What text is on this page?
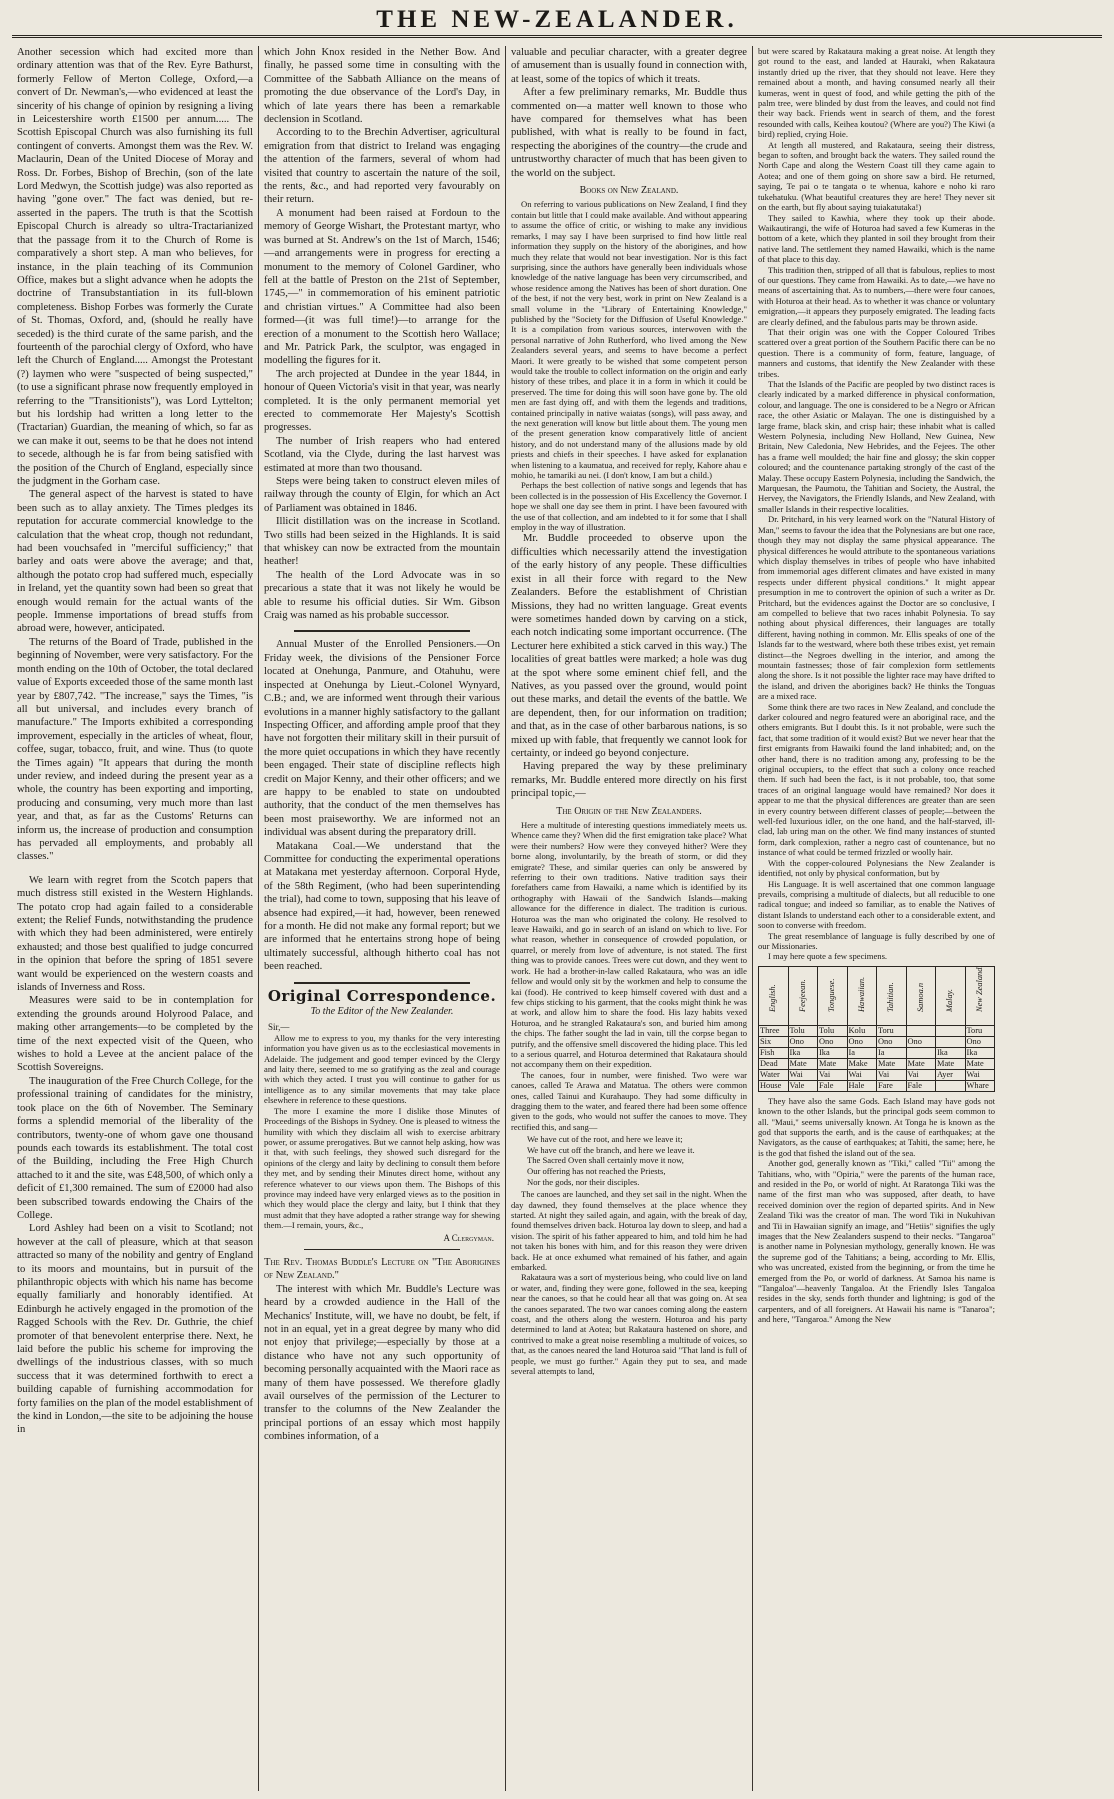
THE NEW-ZEALANDER.

Another secession which had excited more than ordinary attention was that of the Rev. Eyre Bathurst, formerly Fellow of Merton College, Oxford,—a convert of Dr. Newman's,—who evidenced at least the sincerity of his change of opinion by resigning a living in Leicestershire worth £1500 per annum..... The Scottish Episcopal Church was also furnishing its full contingent of converts. Amongst them was the Rev. W. Maclaurin, Dean of the United Diocese of Moray and Ross. Dr. Forbes, Bishop of Brechin, (son of the late Lord Medwyn, the Scottish judge) was also reported as having "gone over." The fact was denied, but re-asserted in the papers. The truth is that the Scottish Episcopal Church is already so ultra-Tractarianized that the passage from it to the Church of Rome is comparatively a short step. A man who believes, for instance, in the plain teaching of its Communion Office, makes but a slight advance when he adopts the doctrine of Transubstantiation in its full-blown completeness. Bishop Forbes was formerly the Curate of St. Thomas, Oxford, and, (should he really have seceded) is the third curate of the same parish, and the fourteenth of the parochial clergy of Oxford, who have left the Church of England..... Amongst the Protestant (?) laymen who were "suspected of being suspected," (to use a significant phrase now frequently employed in referring to the "Transitionists"), was Lord Lyttelton; but his lordship had written a long letter to the (Tractarian) Guardian, the meaning of which, so far as we can make it out, seems to be that he does not intend to secede, although he is far from being satisfied with the position of the Church of England, especially since the judgment in the Gorham case.

The general aspect of the harvest is stated to have been such as to allay anxiety. The Times pledges its reputation for accurate commercial knowledge to the calculation that the wheat crop, though not redundant, had been vouchsafed in "merciful sufficiency;" that barley and oats were above the average; and that, although the potato crop had suffered much, especially in Ireland, yet the quantity sown had been so great that enough would remain for the actual wants of the people. Immense importations of bread stuffs from abroad were, however, anticipated.

The returns of the Board of Trade, published in the beginning of November, were very satisfactory. For the month ending on the 10th of October, the total declared value of Exports exceeded those of the same month last year by £807,742. "The increase," says the Times, "is all but universal, and includes every branch of manufacture." The Imports exhibited a corresponding improvement, especially in the articles of wheat, flour, coffee, sugar, tobacco, fruit, and wine. Thus (to quote the Times again) "It appears that during the month under review, and indeed during the present year as a whole, the country has been exporting and importing, producing and consuming, very much more than last year, and that, as far as the Customs' Returns can inform us, the increase of production and consumption has pervaded all employments, and probably all classes."

We learn with regret from the Scotch papers that much distress still existed in the Western Highlands. The potato crop had again failed to a considerable extent; the Relief Funds, notwithstanding the prudence with which they had been administered, were entirely exhausted; and those best qualified to judge concurred in the opinion that before the spring of 1851 severe want would be experienced on the western coasts and islands of Inverness and Ross.

Measures were said to be in contemplation for extending the grounds around Holyrood Palace, and making other arrangements—to be completed by the time of the next expected visit of the Queen, who wishes to hold a Levee at the ancient palace of the Scottish Sovereigns.

The inauguration of the Free Church College, for the professional training of candidates for the ministry, took place on the 6th of November. The Seminary forms a splendid memorial of the liberality of the contributors, twenty-one of whom gave one thousand pounds each towards its establishment. The total cost of the Building, including the Free High Church attached to it and the site, was £48,500, of which only a deficit of £1,300 remained. The sum of £2000 had also been subscribed towards endowing the Chairs of the College.

Lord Ashley had been on a visit to Scotland; not however at the call of pleasure, which at that season attracted so many of the nobility and gentry of England to its moors and mountains, but in pursuit of the philanthropic objects with which his name has become equally familiarly and honorably identified. At Edinburgh he actively engaged in the promotion of the Ragged Schools with the Rev. Dr. Guthrie, the chief promoter of that benevolent enterprise there. Next, he laid before the public his scheme for improving the dwellings of the industrious classes, with so much success that it was determined forthwith to erect a building capable of furnishing accommodation for forty families on the plan of the model establishment of the kind in London,—the site to be adjoining the house in

which John Knox resided in the Nether Bow. And finally, he passed some time in consulting with the Committee of the Sabbath Alliance on the means of promoting the due observance of the Lord's Day, in which of late years there has been a remarkable declension in Scotland.

According to to the Brechin Advertiser, agricultural emigration from that district to Ireland was engaging the attention of the farmers, several of whom had visited that country to ascertain the nature of the soil, the rents, &c., and had reported very favourably on their return.

A monument had been raised at Fordoun to the memory of George Wishart, the Protestant martyr, who was burned at St. Andrew's on the 1st of March, 1546;—and arrangements were in progress for erecting a monument to the memory of Colonel Gardiner, who fell at the battle of Preston on the 21st of September, 1745,—" in commemoration of his eminent patriotic and christian virtues." A Committee had also been formed—(it was full time!)—to arrange for the erection of a monument to the Scottish hero Wallace; and Mr. Patrick Park, the sculptor, was engaged in modelling the figures for it.

The arch projected at Dundee in the year 1844, in honour of Queen Victoria's visit in that year, was nearly completed. It is the only permanent memorial yet erected to commemorate Her Majesty's Scottish progresses.

The number of Irish reapers who had entered Scotland, via the Clyde, during the last harvest was estimated at more than two thousand.

Steps were being taken to construct eleven miles of railway through the county of Elgin, for which an Act of Parliament was obtained in 1846.

Illicit distillation was on the increase in Scotland. Two stills had been seized in the Highlands. It is said that whiskey can now be extracted from the mountain heather!

The health of the Lord Advocate was in so precarious a state that it was not likely he would be able to resume his official duties. Sir Wm. Gibson Craig was named as his probable successor.

Annual Muster of the Enrolled Pensioners.—On Friday week, the divisions of the Pensioner Force located at Onehunga, Panmure, and Otahuhu, were inspected at Onehunga by Lieut.-Colonel Wynyard, C.B.; and, we are informed went through their various evolutions in a manner highly satisfactory to the gallant Inspecting Officer, and affording ample proof that they have not forgotten their military skill in their pursuit of the more quiet occupations in which they have recently been engaged. Their state of discipline reflects high credit on Major Kenny, and their other officers; and we are happy to be enabled to state on undoubted authority, that the conduct of the men themselves has been most praiseworthy. We are informed not an individual was absent during the preparatory drill.

Matakana Coal.—We understand that the Committee for conducting the experimental operations at Matakana met yesterday afternoon. Corporal Hyde, of the 58th Regiment, (who had been superintending the trial), had come to town, supposing that his leave of absence had expired,—it had, however, been renewed for a month. He did not make any formal report; but we are informed that he entertains strong hope of being ultimately successful, although hitherto coal has not been reached.

Original Correspondence.
To the Editor of the New Zealander.
Sir,—

Allow me to express to you, my thanks for the very interesting information you have given us as to the ecclesiastical movements in Adelaide. The judgement and good temper evinced by the Clergy and laity there, seemed to me so gratifying as the zeal and courage with which they acted. I trust you will continue to gather for us intelligence as to any similar movements that may take place elsewhere in reference to these questions.

The more I examine the more I dislike those Minutes of Proceedings of the Bishops in Sydney. One is pleased to witness the humility with which they disclaim all wish to exercise arbitrary power, or assume prerogatives. But we cannot help asking, how was it that, with such feelings, they showed such disregard for the opinions of the clergy and laity by declining to consult them before they met, and by sending their Minutes direct home, without any reference whatever to our views upon them. The Bishops of this province may indeed have very enlarged views as to the position in which they would place the clergy and laity, but I think that they must admit that they have adopted a rather strange way for shewing them.—I remain, yours, &c.,

A Clergyman.

The Rev. Thomas Buddle's Lecture on "The Aborigines of New Zealand."

The interest with which Mr. Buddle's Lecture was heard by a crowded audience in the Hall of the Mechanics' Institute, will, we have no doubt, be felt, if not in an equal, yet in a great degree by many who did not enjoy that privilege;—especially by those at a distance who have not any such opportunity of becoming personally acquainted with the Maori race as many of them have possessed. We therefore gladly avail ourselves of the permission of the Lecturer to transfer to the columns of the New Zealander the principal portions of an essay which most happily combines information, of a

valuable and peculiar character, with a greater degree of amusement than is usually found in connection with, at least, some of the topics of which it treats.

After a few preliminary remarks, Mr. Buddle thus commented on—a matter well known to those who have compared for themselves what has been published, with what is really to be found in fact, respecting the aborigines of the country—the crude and untrustworthy character of much that has been given to the world on the subject.

Books on New Zealand.

On referring to various publications on New Zealand, I find they contain but little that I could make available. And without appearing to assume the office of critic, or wishing to make any invidious remarks, I may say I have been surprised to find how little real information they supply on the history of the aborigines, and how much they relate that would not bear investigation. Nor is this fact surprising, since the authors have generally been individuals whose knowledge of the native language has been very circumscribed, and whose residence among the Natives has been of short duration. One of the best, if not the very best, work in print on New Zealand is a small volume in the "Library of Entertaining Knowledge," published by the "Society for the Diffusion of Useful Knowledge." It is a compilation from various sources, interwoven with the personal narrative of John Rutherford, who lived among the New Zealanders several years, and seems to have become a perfect Maori. It were greatly to be wished that some competent person would take the trouble to collect information on the origin and early history of these tribes, and place it in a form in which it could be preserved. The time for doing this will soon have gone by. The old men are fast dying off, and with them the legends and traditions, contained principally in native waiatas (songs), will pass away, and the next generation will know but little about them. The young men of the present generation know comparatively little of ancient history, and do not understand many of the allusions made by old priests and chiefs in their speeches. I have asked for explanation when listening to a kaumatua, and received for reply, Kahore ahau e mohio, he tamariki au nei. (I don't know, I am but a child.)

Perhaps the best collection of native songs and legends that has been collected is in the possession of His Excellency the Governor. I hope we shall one day see them in print. I have been favoured with the use of that collection, and am indebted to it for some that I shall employ in the way of illustration.

Mr. Buddle proceeded to observe upon the difficulties which necessarily attend the investigation of the early history of any people. These difficulties exist in all their force with regard to the New Zealanders. Before the establishment of Christian Missions, they had no written language. Great events were sometimes handed down by carving on a stick, each notch indicating some important occurrence. (The Lecturer here exhibited a stick carved in this way.) The localities of great battles were marked; a hole was dug at the spot where some eminent chief fell, and the Natives, as you passed over the ground, would point out these marks, and detail the events of the battle. We are dependent, then, for our information on tradition; and that, as in the case of other barbarous nations, is so mixed up with fable, that frequently we cannot look for certainty, or indeed go beyond conjecture.

Having prepared the way by these preliminary remarks, Mr. Buddle entered more directly on his first principal topic,—

The Origin of the New Zealanders.

Here a multitude of interesting questions immediately meets us. Whence came they? When did the first emigration take place? What were their numbers? How were they conveyed hither? Were they borne along, involuntarily, by the breath of storm, or did they emigrate? These, and similar queries can only be answered by referring to their own traditions. Native tradition says their forefathers came from Hawaiki, a name which is identified by its orthography with Hawaii of the Sandwich Islands—making allowance for the difference in dialect. The tradition is curious. Hoturoa was the man who originated the colony. He resolved to leave Hawaiki, and go in search of an island on which to live. For what reason, whether in consequence of crowded population, or quarrel, or merely from love of adventure, is not stated. The first thing was to provide canoes. Trees were cut down, and they went to work. He had a brother-in-law called Rakataura, who was an idle fellow and would only sit by the workmen and help to consume the kai (food). He contrived to keep himself covered with dust and a few chips sticking to his garment, that the cooks might think he was at work, and allow him to share the food. His lazy habits vexed Hoturoa, and he strangled Rakataura's son, and buried him among the chips. The father sought the lad in vain, till the corpse began to putrify, and the offensive smell discovered the hiding place. This led to a serious quarrel, and Hoturoa determined that Rakataura should not accompany them on their expedition.

The canoes, four in number, were finished. Two were war canoes, called Te Arawa and Matatua. The others were common ones, called Tainui and Kurahaupo. They had some difficulty in dragging them to the water, and feared there had been some offence given to the gods, who would not suffer the canoes to move. They rectified this, and sang—

We have cut of the root, and here we leave it;
We have cut off the branch, and here we leave it.
The Sacred Oven shall certainly move it now,
Our offering has not reached the Priests,
Nor the gods, nor their disciples.

The canoes are launched, and they set sail in the night. When the day dawned, they found themselves at the place whence they started. At night they sailed again, and again, with the break of day, found themselves driven back. Hoturoa lay down to sleep, and had a vision. The spirit of his father appeared to him, and told him he had not taken his bones with him, and for this reason they were driven back. He at once exhumed what remained of his father, and again embarked.

Rakataura was a sort of mysterious being, who could live on land or water, and, finding they were gone, followed in the sea, keeping near the canoes, so that he could hear all that was going on. At sea the canoes separated. The two war canoes coming along the eastern coast, and the others along the western. Hoturoa and his party determined to land at Aotea; but Rakataura hastened on shore, and contrived to make a great noise resembling a multitude of voices, so that, as the canoes neared the land Hoturoa said "That land is full of people, we must go further." Again they put to sea, and made several attempts to land,

but were scared by Rakataura making a great noise. At length they got round to the east, and landed at Hauraki, when Rakataura instantly dried up the river, that they should not leave. Here they remained about a month, and having consumed nearly all their kumeras, went in quest of food, and while getting the pith of the palm tree, were blinded by dust from the leaves, and could not find their way back. Friends went in search of them, and the forest resounded with calls, Keihea koutou? (Where are you?) The Kiwi (a bird) replied, crying Hoie.

At length all mustered, and Rakataura, seeing their distress, began to soften, and brought back the waters. They sailed round the North Cape and along the Western Coast till they came again to Aotea; and one of them going on shore saw a bird. He returned, saying, Te pai o te tangata o te whenua, kahore e noho ki raro tukehatuku. (What beautiful creatures they are here! They never sit on the earth, but fly about saying tuiakatutaka!)

They sailed to Kawhia, where they took up their abode. Waikautirangi, the wife of Hoturoa had saved a few Kumeras in the bottom of a kete, which they planted in soil they brought from their native land. The settlement they named Hawaiki, which is the name of that place to this day.

This tradition then, stripped of all that is fabulous, replies to most of our questions. They came from Hawaiki. As to date,—we have no means of ascertaining that. As to numbers,—there were four canoes, with Hoturoa at their head. As to whether it was chance or voluntary emigration,—it appears they purposely emigrated. The leading facts are clearly defined, and the fabulous parts may be thrown aside.

That their origin was one with the Copper Coloured Tribes scattered over a great portion of the Southern Pacific there can be no question. There is a community of form, feature, language, of manners and customs, that identify the New Zealander with these tribes.

That the Islands of the Pacific are peopled by two distinct races is clearly indicated by a marked difference in physical conformation, colour, and language. The one is considered to be a Negro or African race, the other Asiatic or Malayan. The one is distinguished by a large frame, black skin, and crisp hair; these inhabit what is called Western Polynesia, including New Holland, New Guinea, New Britain, New Caledonia, New Hebrides, and the Fejees. The other has a frame well moulded; the hair fine and glossy; the skin copper coloured; and the countenance partaking strongly of the cast of the Malay. These occupy Eastern Polynesia, including the Sandwich, the Marquesan, the Paumotu, the Tahitian and Society, the Austral, the Hervey, the Navigators, the Friendly Islands, and New Zealand, with smaller Islands in their respective localities.

Dr. Pritchard, in his very learned work on the "Natural History of Man," seems to favour the idea that the Polynesians are but one race, though they may not display the same physical appearance. The physical differences he would attribute to the spontaneous variations which display themselves in tribes of people who have inhabited from immemorial ages different climates and have existed in many respects under different physical conditions." It might appear presumption in me to controvert the opinion of such a writer as Dr. Pritchard, but the evidences against the Doctor are so conclusive, I am compelled to believe that two races inhabit Polynesia. To say nothing about physical differences, their languages are totally different, having nothing in common. Mr. Ellis speaks of one of the Islands far to the westward, where both these tribes exist, yet remain distinct—the Negroes dwelling in the interior, and among the mountain fastnesses; those of fair complexion form settlements along the shore. Is it not possible the lighter race may have drifted to the island, and driven the aborigines back? He thinks the Tonguas are a mixed race.

Some think there are two races in New Zealand, and conclude the darker coloured and negro featured were an aboriginal race, and the others emigrants. But I doubt this. Is it not probable, were such the fact, that some tradition of it would exist? But we never hear that the first emigrants from Hawaiki found the land inhabited; and, on the other hand, there is no tradition among any, professing to be the original occupiers, to the effect that such a colony once reached them. If such had been the fact, is it not probable, too, that some traces of an original language would have remained? Nor does it appear to me that the physical differences are greater than are seen in every country between different classes of people;—between the well-fed luxurious idler, on the one hand, and the half-starved, ill-clad, lab uring man on the other. We find many instances of stunted form, dark complexion, rather a negro cast of countenance, but no instance of what could be termed frizzled or woolly hair.

With the copper-coloured Polynesians the New Zealander is identified, not only by physical conformation, but by

His Language. It is well ascertained that one common language prevails, comprising a multitude of dialects, but all reducible to one radical tongue; and indeed so familiar, as to enable the Natives of distant Islands to understand each other to a considerable extent, and soon to converse with freedom.

The great resemblance of language is fully described by one of our Missionaries.

I may here quote a few specimens.

English.	Feejeean.	Tonguese.	Hawaiian.	Tahitian.	Samoa.n	Malay.	New Zealand.

Three	Tolu	Tolu	Kolu	Toru			Toru
Six	Ono	Ono	Ono	Ono	Ono		Ono
Fish	Ika	Ika	Ia	Ia		Ika	Ika
Dead	Mate	Mate	Make	Mate	Mate	Mate	Mate
Water	Wai	Vai	Wai	Vai	Vai	Ayer	Wai
House	Vale	Fale	Hale	Fare	Fale		Whare

They have also the same Gods. Each Island may have gods not known to the other Islands, but the principal gods seem common to all. "Maui," seems universally known. At Tonga he is known as the god that supports the earth, and is the cause of earthquakes; at the Navigators, as the cause of earthquakes; at Tahiti, the same; here, he is the god that fished the island out of the sea.

Another god, generally known as "Tiki," called "Tii" among the Tahitians, who, with "Opiria," were the parents of the human race, and resided in the Po, or world of night. At Raratonga Tiki was the name of the first man who was supposed, after death, to have received dominion over the region of departed spirits. And in New Zealand Tiki was the creator of man. The word Tiki in Nukuhivan and Tii in Hawaiian signify an image, and "Hetiis" signifies the ugly images that the New Zealanders suspend to their necks. "Tangaroa" is another name in Polynesian mythology, generally known. He was the supreme god of the Tahitians; a being, according to Mr. Ellis, who was uncreated, existed from the beginning, or from the time he emerged from the Po, or world of darkness. At Samoa his name is "Tangaloa"—heavenly Tangaloa. At the Friendly Isles Tangaloa resides in the sky, sends forth thunder and lightning; is god of the carpenters, and of all foreigners. At Hawaii his name is "Tanaroa"; and here, "Tangaroa." Among the New
